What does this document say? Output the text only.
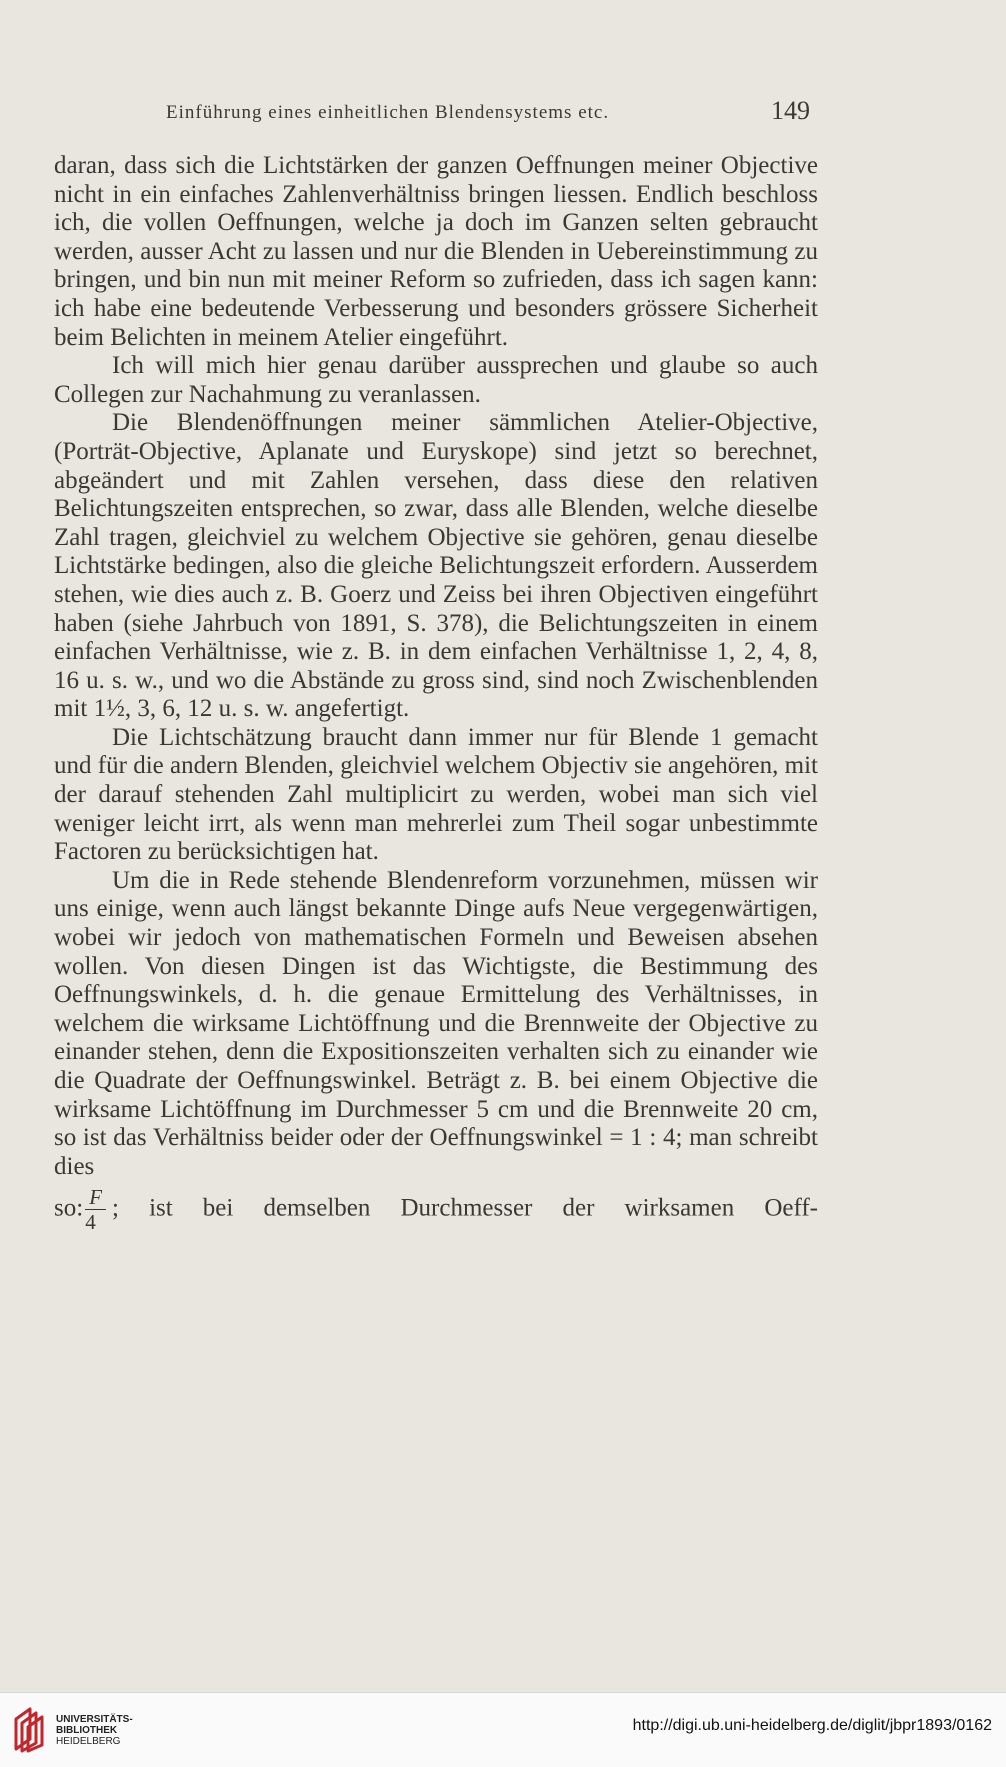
Einführung eines einheitlichen Blendensystems etc.	149

daran, dass sich die Lichtstärken der ganzen Oeffnungen meiner Objective nicht in ein einfaches Zahlenverhältniss bringen liessen. Endlich beschloss ich, die vollen Oeffnungen, welche ja doch im Ganzen selten gebraucht werden, ausser Acht zu lassen und nur die Blenden in Uebereinstimmung zu bringen, und bin nun mit meiner Reform so zufrieden, dass ich sagen kann: ich habe eine bedeutende Verbesserung und besonders grössere Sicherheit beim Belichten in meinem Atelier eingeführt.

Ich will mich hier genau darüber aussprechen und glaube so auch Collegen zur Nachahmung zu veranlassen.

Die Blendenöffnungen meiner sämmlichen Atelier-Objective, (Porträt-Objective, Aplanate und Euryskope) sind jetzt so berechnet, abgeändert und mit Zahlen versehen, dass diese den relativen Belichtungszeiten entsprechen, so zwar, dass alle Blenden, welche dieselbe Zahl tragen, gleichviel zu welchem Objective sie gehören, genau dieselbe Lichtstärke bedingen, also die gleiche Belichtungszeit erfordern. Ausserdem stehen, wie dies auch z. B. Goerz und Zeiss bei ihren Objectiven eingeführt haben (siehe Jahrbuch von 1891, S. 378), die Belichtungszeiten in einem einfachen Verhältnisse, wie z. B. in dem einfachen Verhältnisse 1, 2, 4, 8, 16 u. s. w., und wo die Abstände zu gross sind, sind noch Zwischenblenden mit 1½, 3, 6, 12 u. s. w. angefertigt.

Die Lichtschätzung braucht dann immer nur für Blende 1 gemacht und für die andern Blenden, gleichviel welchem Objectiv sie angehören, mit der darauf stehenden Zahl multiplicirt zu werden, wobei man sich viel weniger leicht irrt, als wenn man mehrerlei zum Theil sogar unbestimmte Factoren zu berücksichtigen hat.

Um die in Rede stehende Blendenreform vorzunehmen, müssen wir uns einige, wenn auch längst bekannte Dinge aufs Neue vergegenwärtigen, wobei wir jedoch von mathematischen Formeln und Beweisen absehen wollen. Von diesen Dingen ist das Wichtigste, die Bestimmung des Oeffnungswinkels, d. h. die genaue Ermittelung des Verhältnisses, in welchem die wirksame Lichtöffnung und die Brennweite der Objective zu einander stehen, denn die Expositionszeiten verhalten sich zu einander wie die Quadrate der Oeffnungswinkel. Beträgt z. B. bei einem Objective die wirksame Lichtöffnung im Durchmesser 5 cm und die Brennweite 20 cm, so ist das Verhältniss beider oder der Oeffnungswinkel = 1 : 4; man schreibt dies

so: $\frac{F}{4}$ ; ist bei demselben Durchmesser der wirksamen Oeff-

UNIVERSITÄTS-
BIBLIOTHEK
HEIDELBERG
http://digi.ub.uni-heidelberg.de/diglit/jbpr1893/0162
